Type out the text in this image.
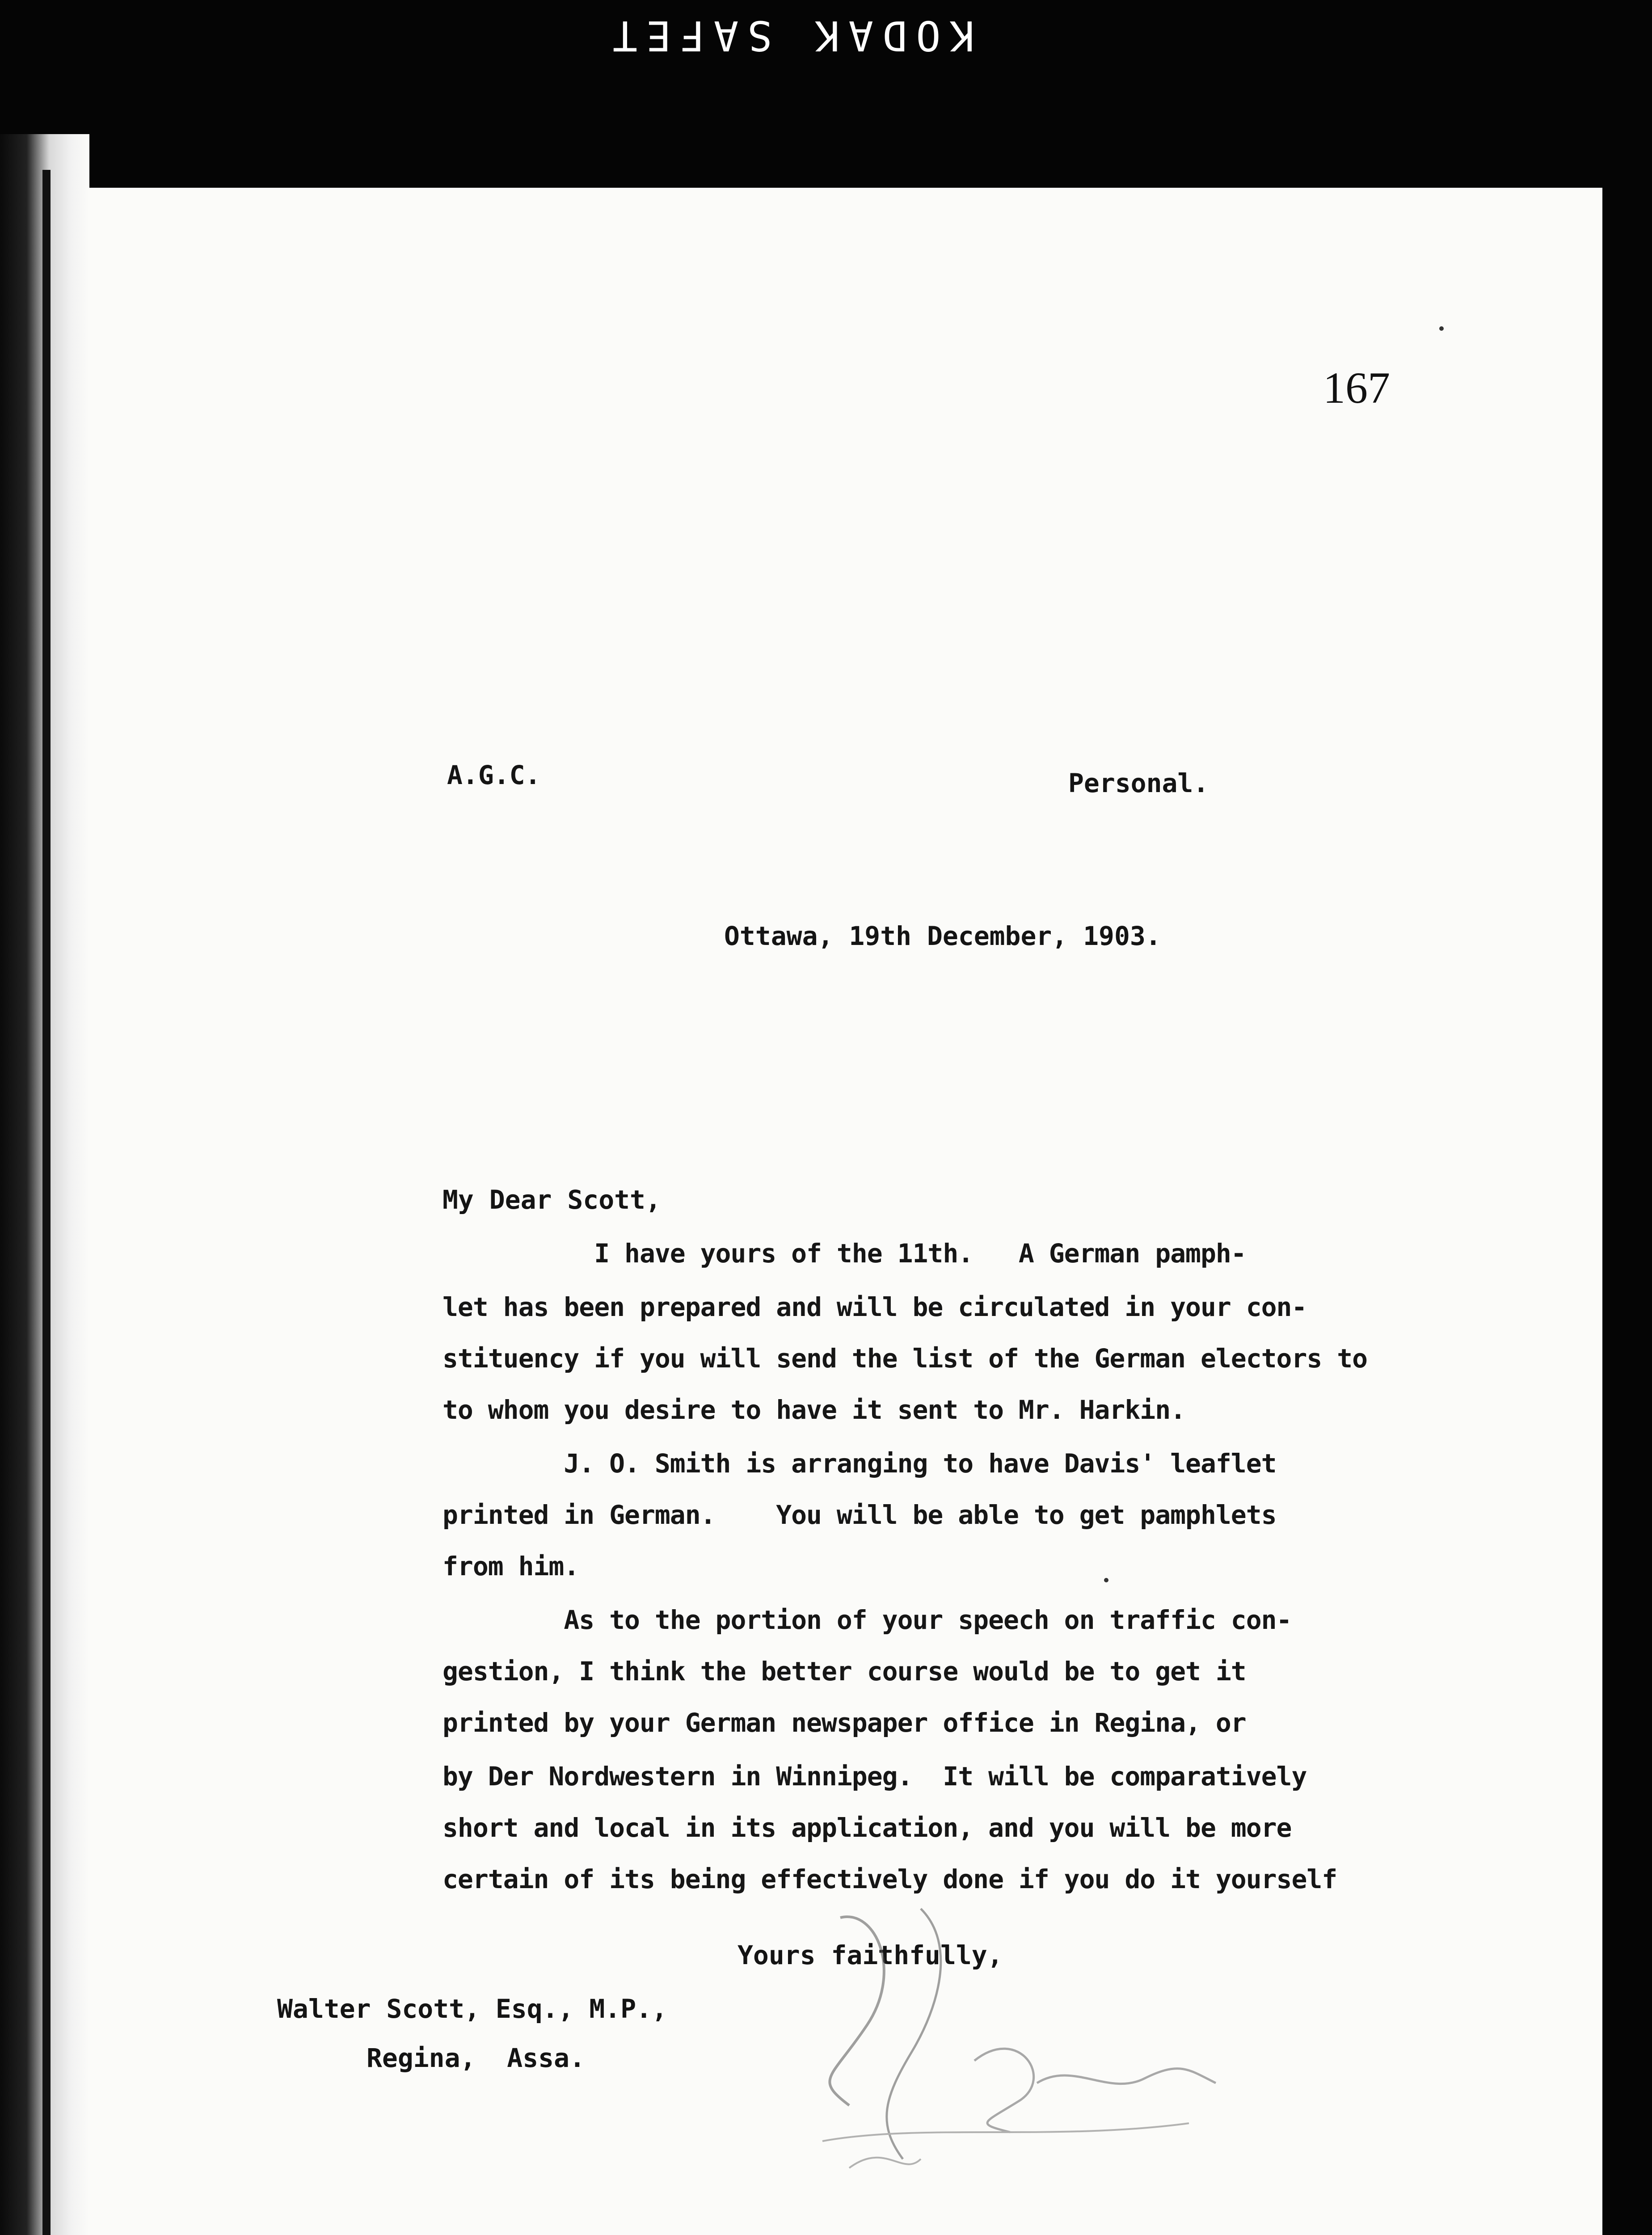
KODAK SAFET
167
A.G.C.	Personal.
Ottawa, 19th December, 1903.
My Dear Scott,
I have yours of the 11th.   A German pamph-
let has been prepared and will be circulated in your con-
stituency if you will send the list of the German electors to
to whom you desire to have it sent to Mr. Harkin.
J. O. Smith is arranging to have Davis' leaflet
printed in German.    You will be able to get pamphlets
from him.
As to the portion of your speech on traffic con-
gestion, I think the better course would be to get it
printed by your German newspaper office in Regina, or
by Der Nordwestern in Winnipeg.  It will be comparatively
short and local in its application, and you will be more
certain of its being effectively done if you do it yourself
Yours faithfully,
Walter Scott, Esq., M.P.,
Regina,  Assa.
